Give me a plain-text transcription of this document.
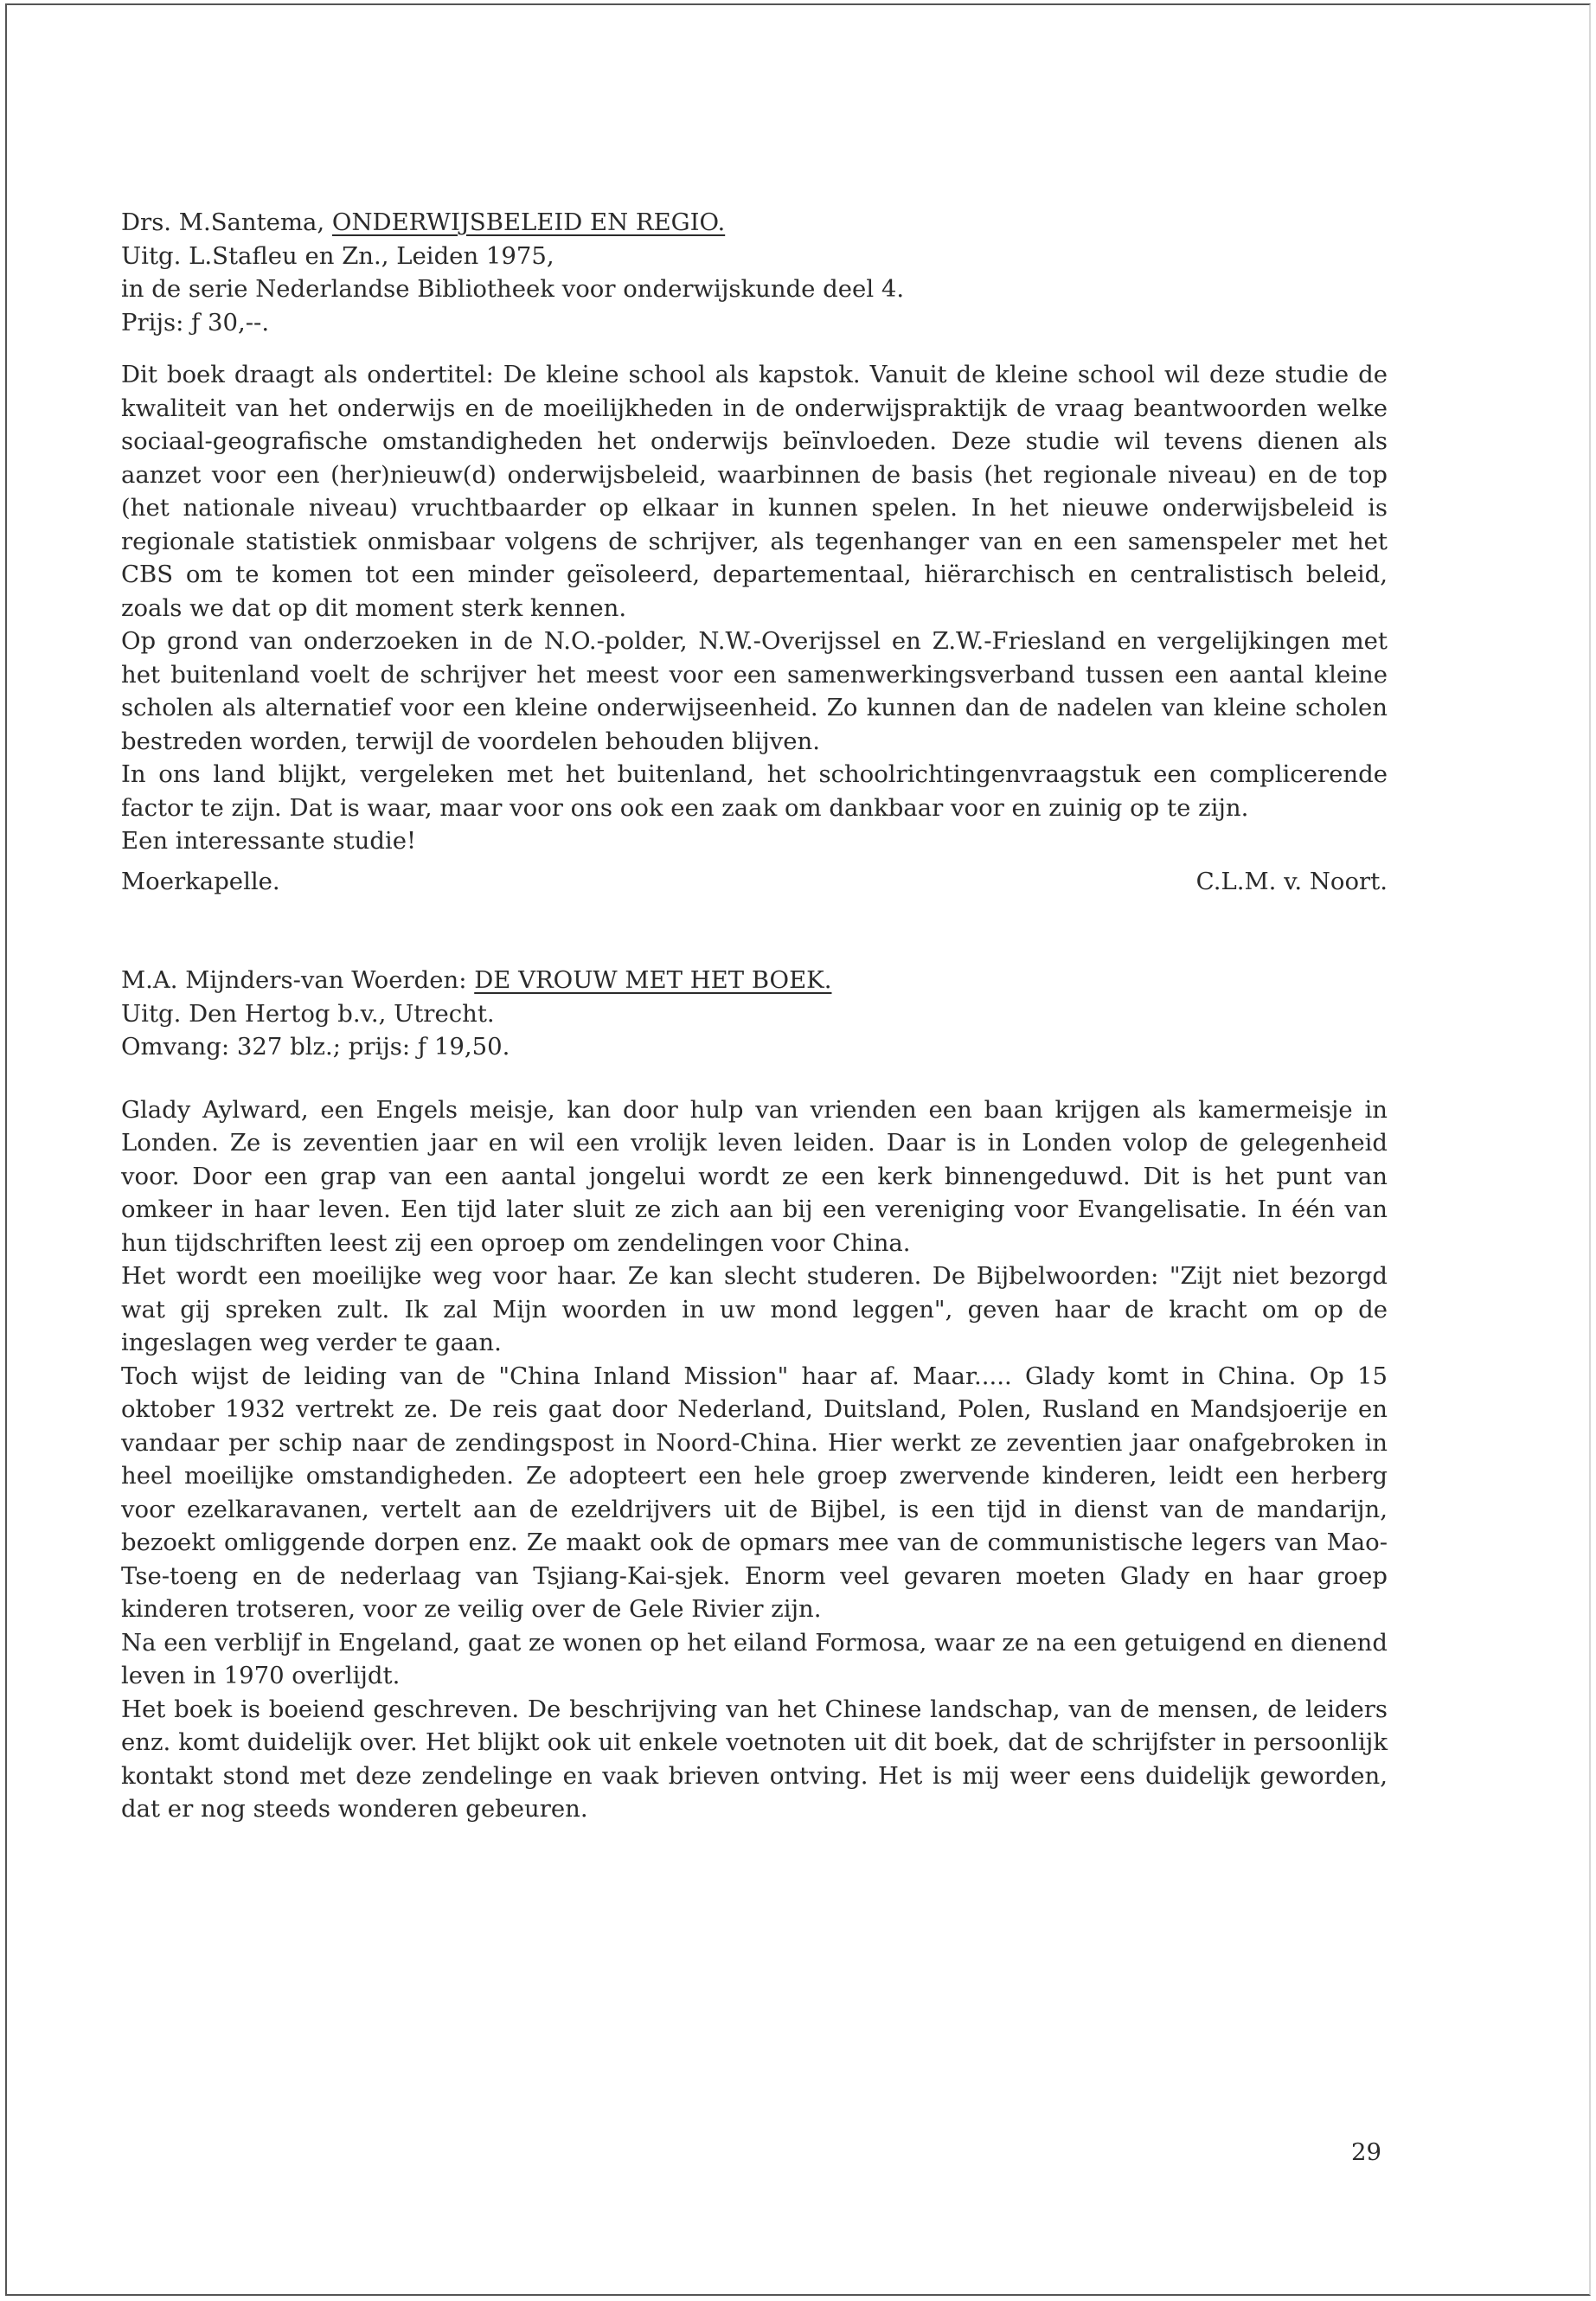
Drs. M.Santema, ONDERWIJSBELEID EN REGIO.
Uitg. L.Stafleu en Zn., Leiden 1975,
in de serie Nederlandse Bibliotheek voor onderwijskunde deel 4.
Prijs: ƒ 30,--.

Dit boek draagt als ondertitel: De kleine school als kapstok. Vanuit de kleine school wil deze studie de kwaliteit van het onderwijs en de moeilijkheden in de onderwijspraktijk de vraag beantwoorden welke sociaal-geografische omstandigheden het onderwijs beïnvloeden. Deze studie wil tevens dienen als aanzet voor een (her)nieuw(d) onderwijsbeleid, waarbinnen de basis (het regionale niveau) en de top (het nationale niveau) vruchtbaarder op elkaar in kunnen spelen. In het nieuwe onderwijsbeleid is regionale statistiek onmisbaar volgens de schrijver, als tegenhanger van en een samenspeler met het CBS om te komen tot een minder geïsoleerd, departementaal, hiërarchisch en centralistisch beleid, zoals we dat op dit moment sterk kennen.

Op grond van onderzoeken in de N.O.-polder, N.W.-Overijssel en Z.W.-Friesland en vergelijkingen met het buitenland voelt de schrijver het meest voor een samenwerkingsverband tussen een aantal kleine scholen als alternatief voor een kleine onderwijseenheid. Zo kunnen dan de nadelen van kleine scholen bestreden worden, terwijl de voordelen behouden blijven.

In ons land blijkt, vergeleken met het buitenland, het schoolrichtingenvraagstuk een complicerende factor te zijn. Dat is waar, maar voor ons ook een zaak om dankbaar voor en zuinig op te zijn.

Een interessante studie!

Moerkapelle.	C.L.M. v. Noort.
M.A. Mijnders-van Woerden: DE VROUW MET HET BOEK.
Uitg. Den Hertog b.v., Utrecht.
Omvang: 327 blz.; prijs: ƒ 19,50.

Glady Aylward, een Engels meisje, kan door hulp van vrienden een baan krijgen als kamermeisje in Londen. Ze is zeventien jaar en wil een vrolijk leven leiden. Daar is in Londen volop de gelegenheid voor. Door een grap van een aantal jongelui wordt ze een kerk binnengeduwd. Dit is het punt van omkeer in haar leven. Een tijd later sluit ze zich aan bij een vereniging voor Evangelisatie. In één van hun tijdschriften leest zij een oproep om zendelingen voor China.

Het wordt een moeilijke weg voor haar. Ze kan slecht studeren. De Bijbelwoorden: "Zijt niet bezorgd wat gij spreken zult. Ik zal Mijn woorden in uw mond leggen", geven haar de kracht om op de ingeslagen weg verder te gaan.

Toch wijst de leiding van de "China Inland Mission" haar af. Maar..... Glady komt in China. Op 15 oktober 1932 vertrekt ze. De reis gaat door Nederland, Duitsland, Polen, Rusland en Mandsjoerije en vandaar per schip naar de zendingspost in Noord-China. Hier werkt ze zeventien jaar onafgebroken in heel moeilijke omstandigheden. Ze adopteert een hele groep zwervende kinderen, leidt een herberg voor ezelkaravanen, vertelt aan de ezeldrijvers uit de Bijbel, is een tijd in dienst van de mandarijn, bezoekt omliggende dorpen enz. Ze maakt ook de opmars mee van de communistische legers van Mao-Tse-toeng en de nederlaag van Tsjiang-Kai-sjek. Enorm veel gevaren moeten Glady en haar groep kinderen trotseren, voor ze veilig over de Gele Rivier zijn.

Na een verblijf in Engeland, gaat ze wonen op het eiland Formosa, waar ze na een getuigend en dienend leven in 1970 overlijdt.

Het boek is boeiend geschreven. De beschrijving van het Chinese landschap, van de mensen, de leiders enz. komt duidelijk over. Het blijkt ook uit enkele voetnoten uit dit boek, dat de schrijfster in persoonlijk kontakt stond met deze zendelinge en vaak brieven ontving. Het is mij weer eens duidelijk geworden, dat er nog steeds wonderen gebeuren.

29
